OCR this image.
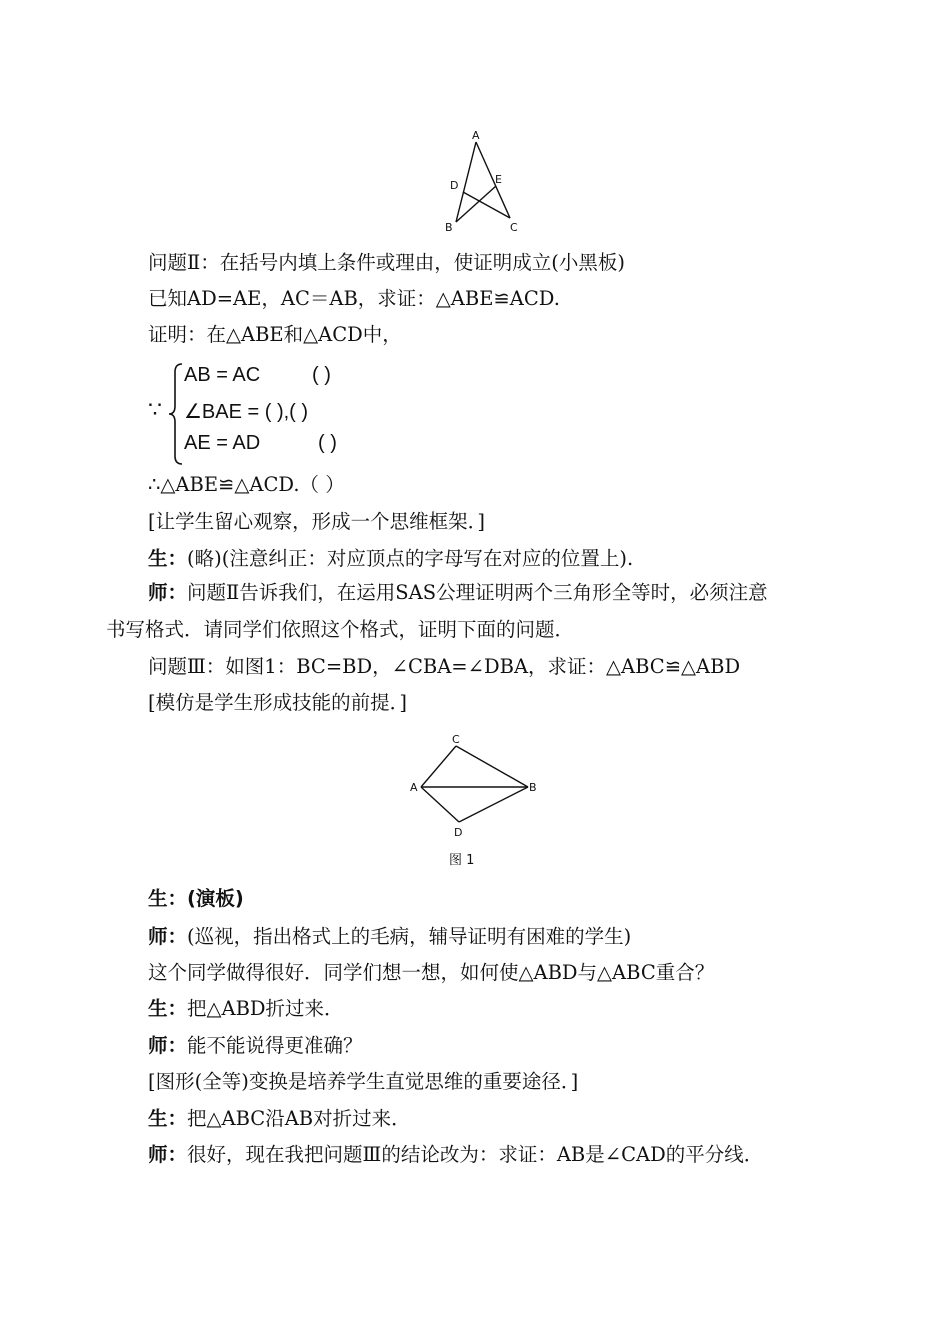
A
D	E
B	C
问题Ⅱ：在括号内填上条件或理由，使证明成立(小黑板)
已知AD=AE，AC＝AB，求证：△ABE≌ACD.
证明：在△ABE和△ACD中，
∵
AB = AC	( )
∠BAE = ( ),( )
AE = AD	( )
∴△ABE≌△ACD.（ ）
[让学生留心观察，形成一个思维框架．]
生：(略)(注意纠正：对应顶点的字母写在对应的位置上).
师：问题Ⅱ告诉我们，在运用SAS公理证明两个三角形全等时，必须注意
书写格式．请同学们依照这个格式，证明下面的问题．
问题Ⅲ：如图1：BC=BD，∠CBA=∠DBA，求证：△ABC≌△ABD
[模仿是学生形成技能的前提．]
C
A	B
D
图 1
生：(演板)
师：(巡视，指出格式上的毛病，辅导证明有困难的学生)
这个同学做得很好．同学们想一想，如何使△ABD与△ABC重合？
生：把△ABD折过来．
师：能不能说得更准确？
[图形(全等)变换是培养学生直觉思维的重要途径．]
生：把△ABC沿AB对折过来．
师：很好，现在我把问题Ⅲ的结论改为：求证：AB是∠CAD的平分线．
